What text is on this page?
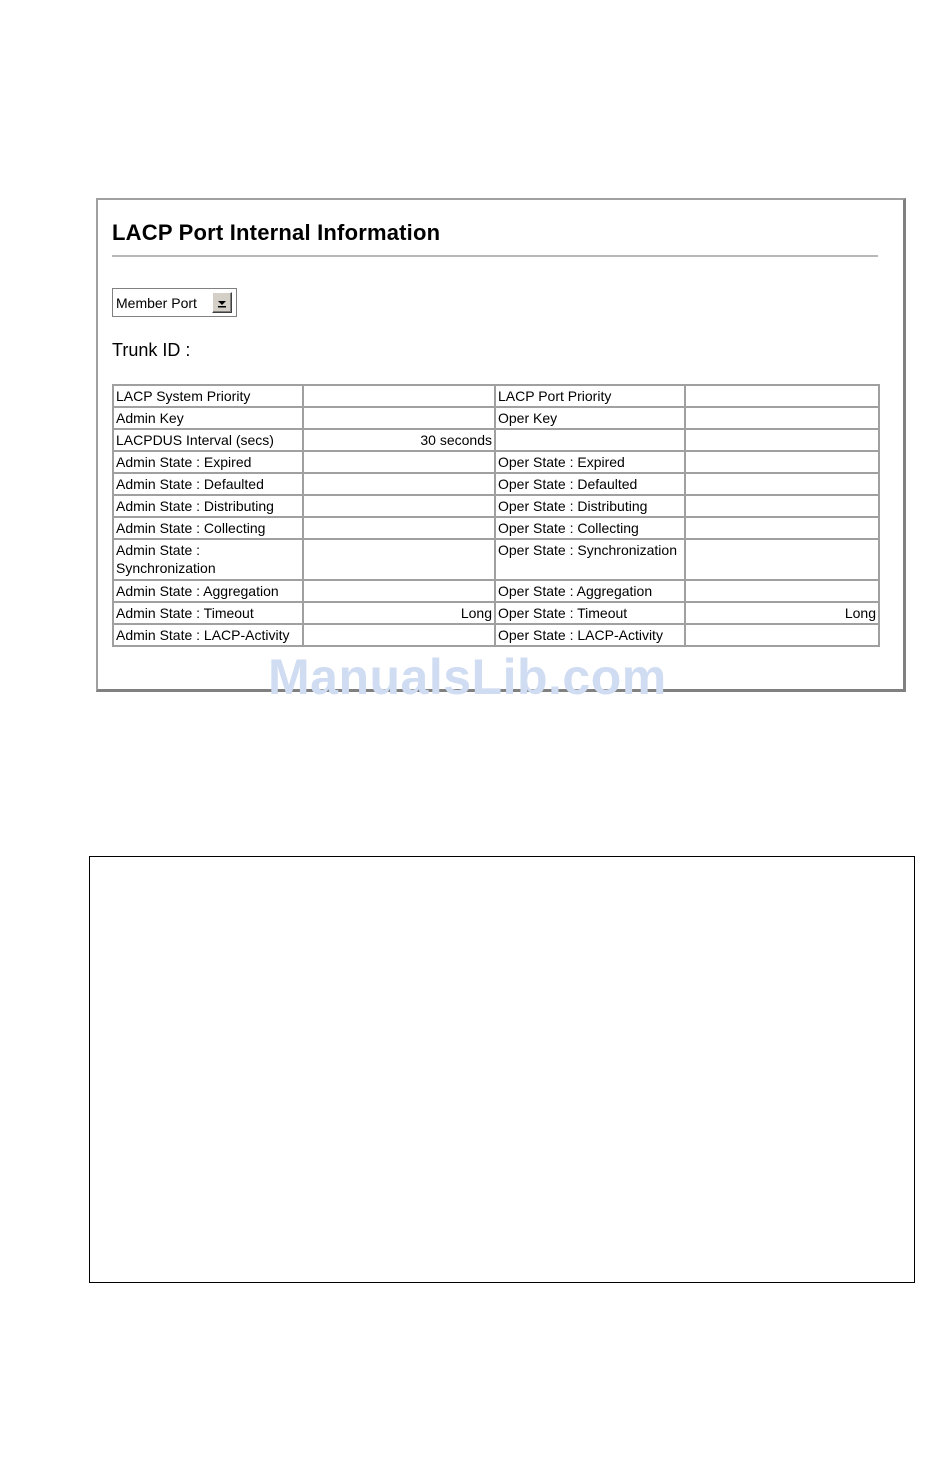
LACP Port Internal Information
Member Port
Trunk ID :
LACP System Priority		LACP Port Priority	
Admin Key		Oper Key	
LACPDUS Interval (secs)	30 seconds		
Admin State : Expired		Oper State : Expired	
Admin State : Defaulted		Oper State : Defaulted	
Admin State : Distributing		Oper State : Distributing	
Admin State : Collecting		Oper State : Collecting	
Admin State : Synchronization		Oper State : Synchronization	
Admin State : Aggregation		Oper State : Aggregation	
Admin State : Timeout	Long	Oper State : Timeout	Long
Admin State : LACP-Activity		Oper State : LACP-Activity	
ManualsLib.com
